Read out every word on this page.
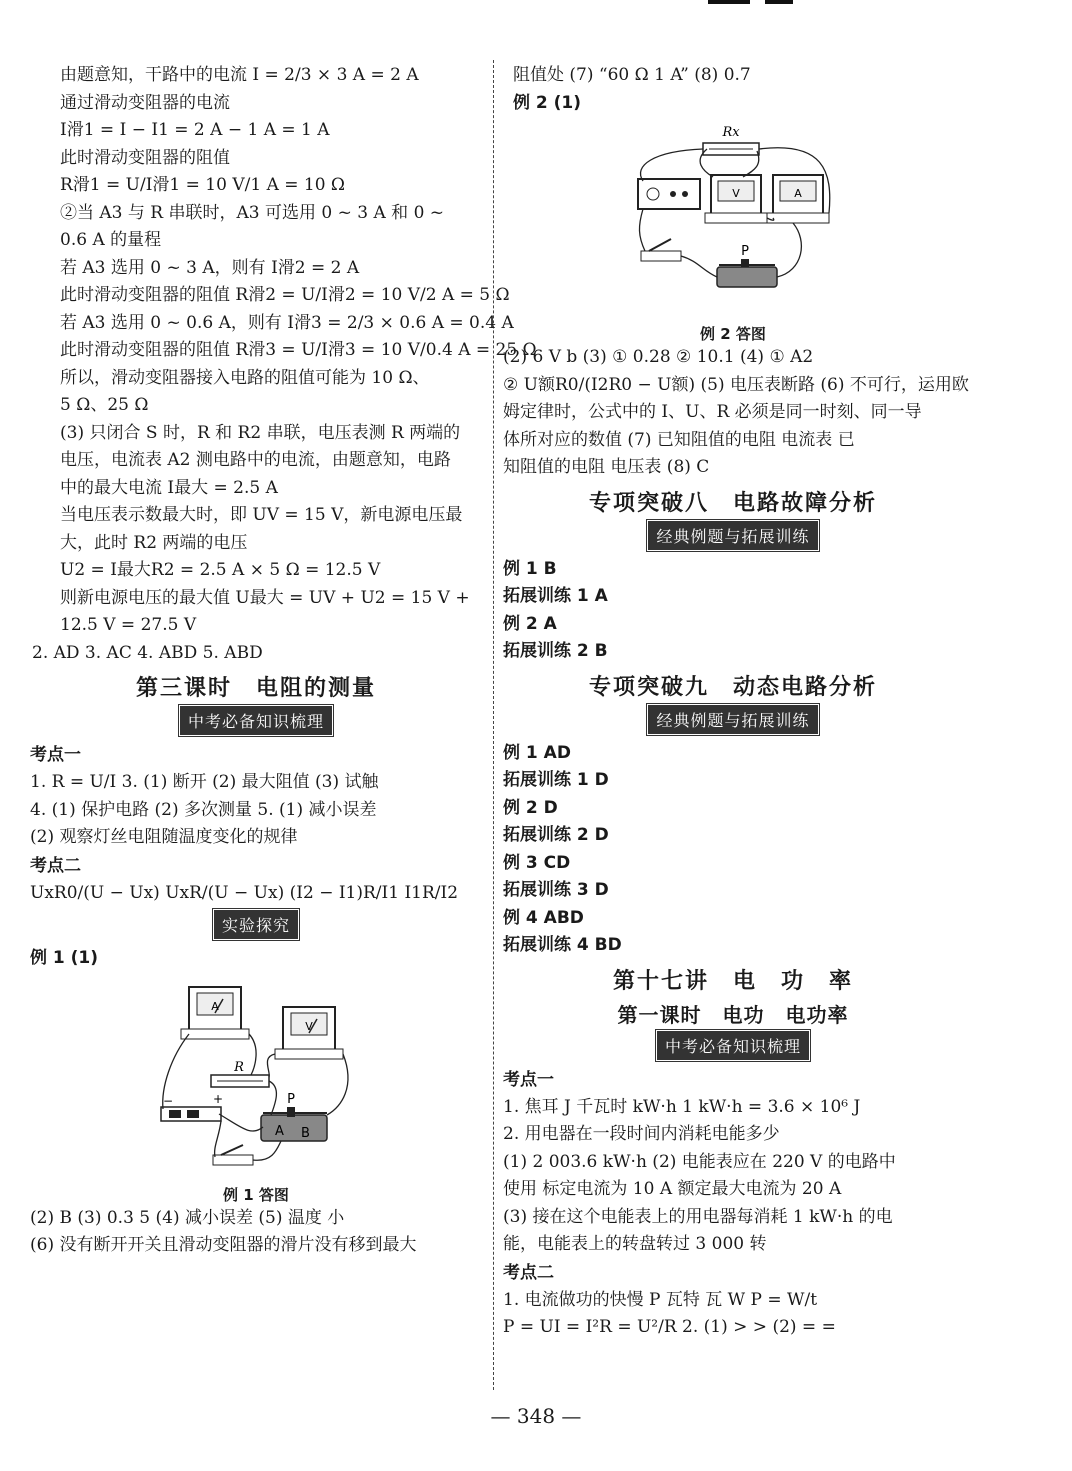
由题意知，干路中的电流 I = 2/3 × 3 A = 2 A
通过滑动变阻器的电流
I滑1 = I − I1 = 2 A − 1 A = 1 A
此时滑动变阻器的阻值
R滑1 = U/I滑1 = 10 V/1 A = 10 Ω
②当 A3 与 R 串联时，A3 可选用 0 ~ 3 A 和 0 ~
0.6 A 的量程
若 A3 选用 0 ~ 3 A，则有 I滑2 = 2 A
此时滑动变阻器的阻值 R滑2 = U/I滑2 = 10 V/2 A = 5 Ω
若 A3 选用 0 ~ 0.6 A，则有 I滑3 = 2/3 × 0.6 A = 0.4 A
此时滑动变阻器的阻值 R滑3 = U/I滑3 = 10 V/0.4 A = 25 Ω
所以，滑动变阻器接入电路的阻值可能为 10 Ω、
5 Ω、25 Ω
(3) 只闭合 S 时，R 和 R2 串联，电压表测 R 两端的
电压，电流表 A2 测电路中的电流，由题意知，电路
中的最大电流 I最大 = 2.5 A
当电压表示数最大时，即 UV = 15 V，新电源电压最
大，此时 R2 两端的电压
U2 = I最大R2 = 2.5 A × 5 Ω = 12.5 V
则新电源电压的最大值 U最大 = UV + U2 = 15 V +
12.5 V = 27.5 V
2. AD 3. AC 4. ABD 5. ABD
第三课时　电阻的测量
中考必备知识梳理
考点一
1. R = U/I 3. (1) 断开 (2) 最大阻值 (3) 试触
4. (1) 保护电路 (2) 多次测量 5. (1) 减小误差
(2) 观察灯丝电阻随温度变化的规律
考点二
UxR0/(U − Ux) UxR/(U − Ux) (I2 − I1)R/I1 I1R/I2
实验探究
例 1 (1)
A
V
R
−	+	P
A B
例 1 答图
(2) B (3) 0.3 5 (4) 减小误差 (5) 温度 小
(6) 没有断开开关且滑动变阻器的滑片没有移到最大
阻值处 (7) “60 Ω 1 A” (8) 0.7
例 2 (1)
Rx
V	A
P
例 2 答图
(2) 6 V b (3) ① 0.28 ② 10.1 (4) ① A2
② U额R0/(I2R0 − U额) (5) 电压表断路 (6) 不可行，运用欧
姆定律时，公式中的 I、U、R 必须是同一时刻、同一导
体所对应的数值 (7) 已知阻值的电阻 电流表 已
知阻值的电阻 电压表 (8) C
专项突破八　电路故障分析
经典例题与拓展训练
例 1 B
拓展训练 1 A
例 2 A
拓展训练 2 B
专项突破九　动态电路分析
经典例题与拓展训练
例 1 AD
拓展训练 1 D
例 2 D
拓展训练 2 D
例 3 CD
拓展训练 3 D
例 4 ABD
拓展训练 4 BD
第十七讲　电　功　率
第一课时　电功　电功率
中考必备知识梳理
考点一
1. 焦耳 J 千瓦时 kW·h 1 kW·h = 3.6 × 10⁶ J
2. 用电器在一段时间内消耗电能多少
(1) 2 003.6 kW·h (2) 电能表应在 220 V 的电路中
使用 标定电流为 10 A 额定最大电流为 20 A
(3) 接在这个电能表上的用电器每消耗 1 kW·h 的电
能，电能表上的转盘转过 3 000 转
考点二
1. 电流做功的快慢 P 瓦特 瓦 W P = W/t
P = UI = I²R = U²/R 2. (1) > > (2) = =
— 348 —
